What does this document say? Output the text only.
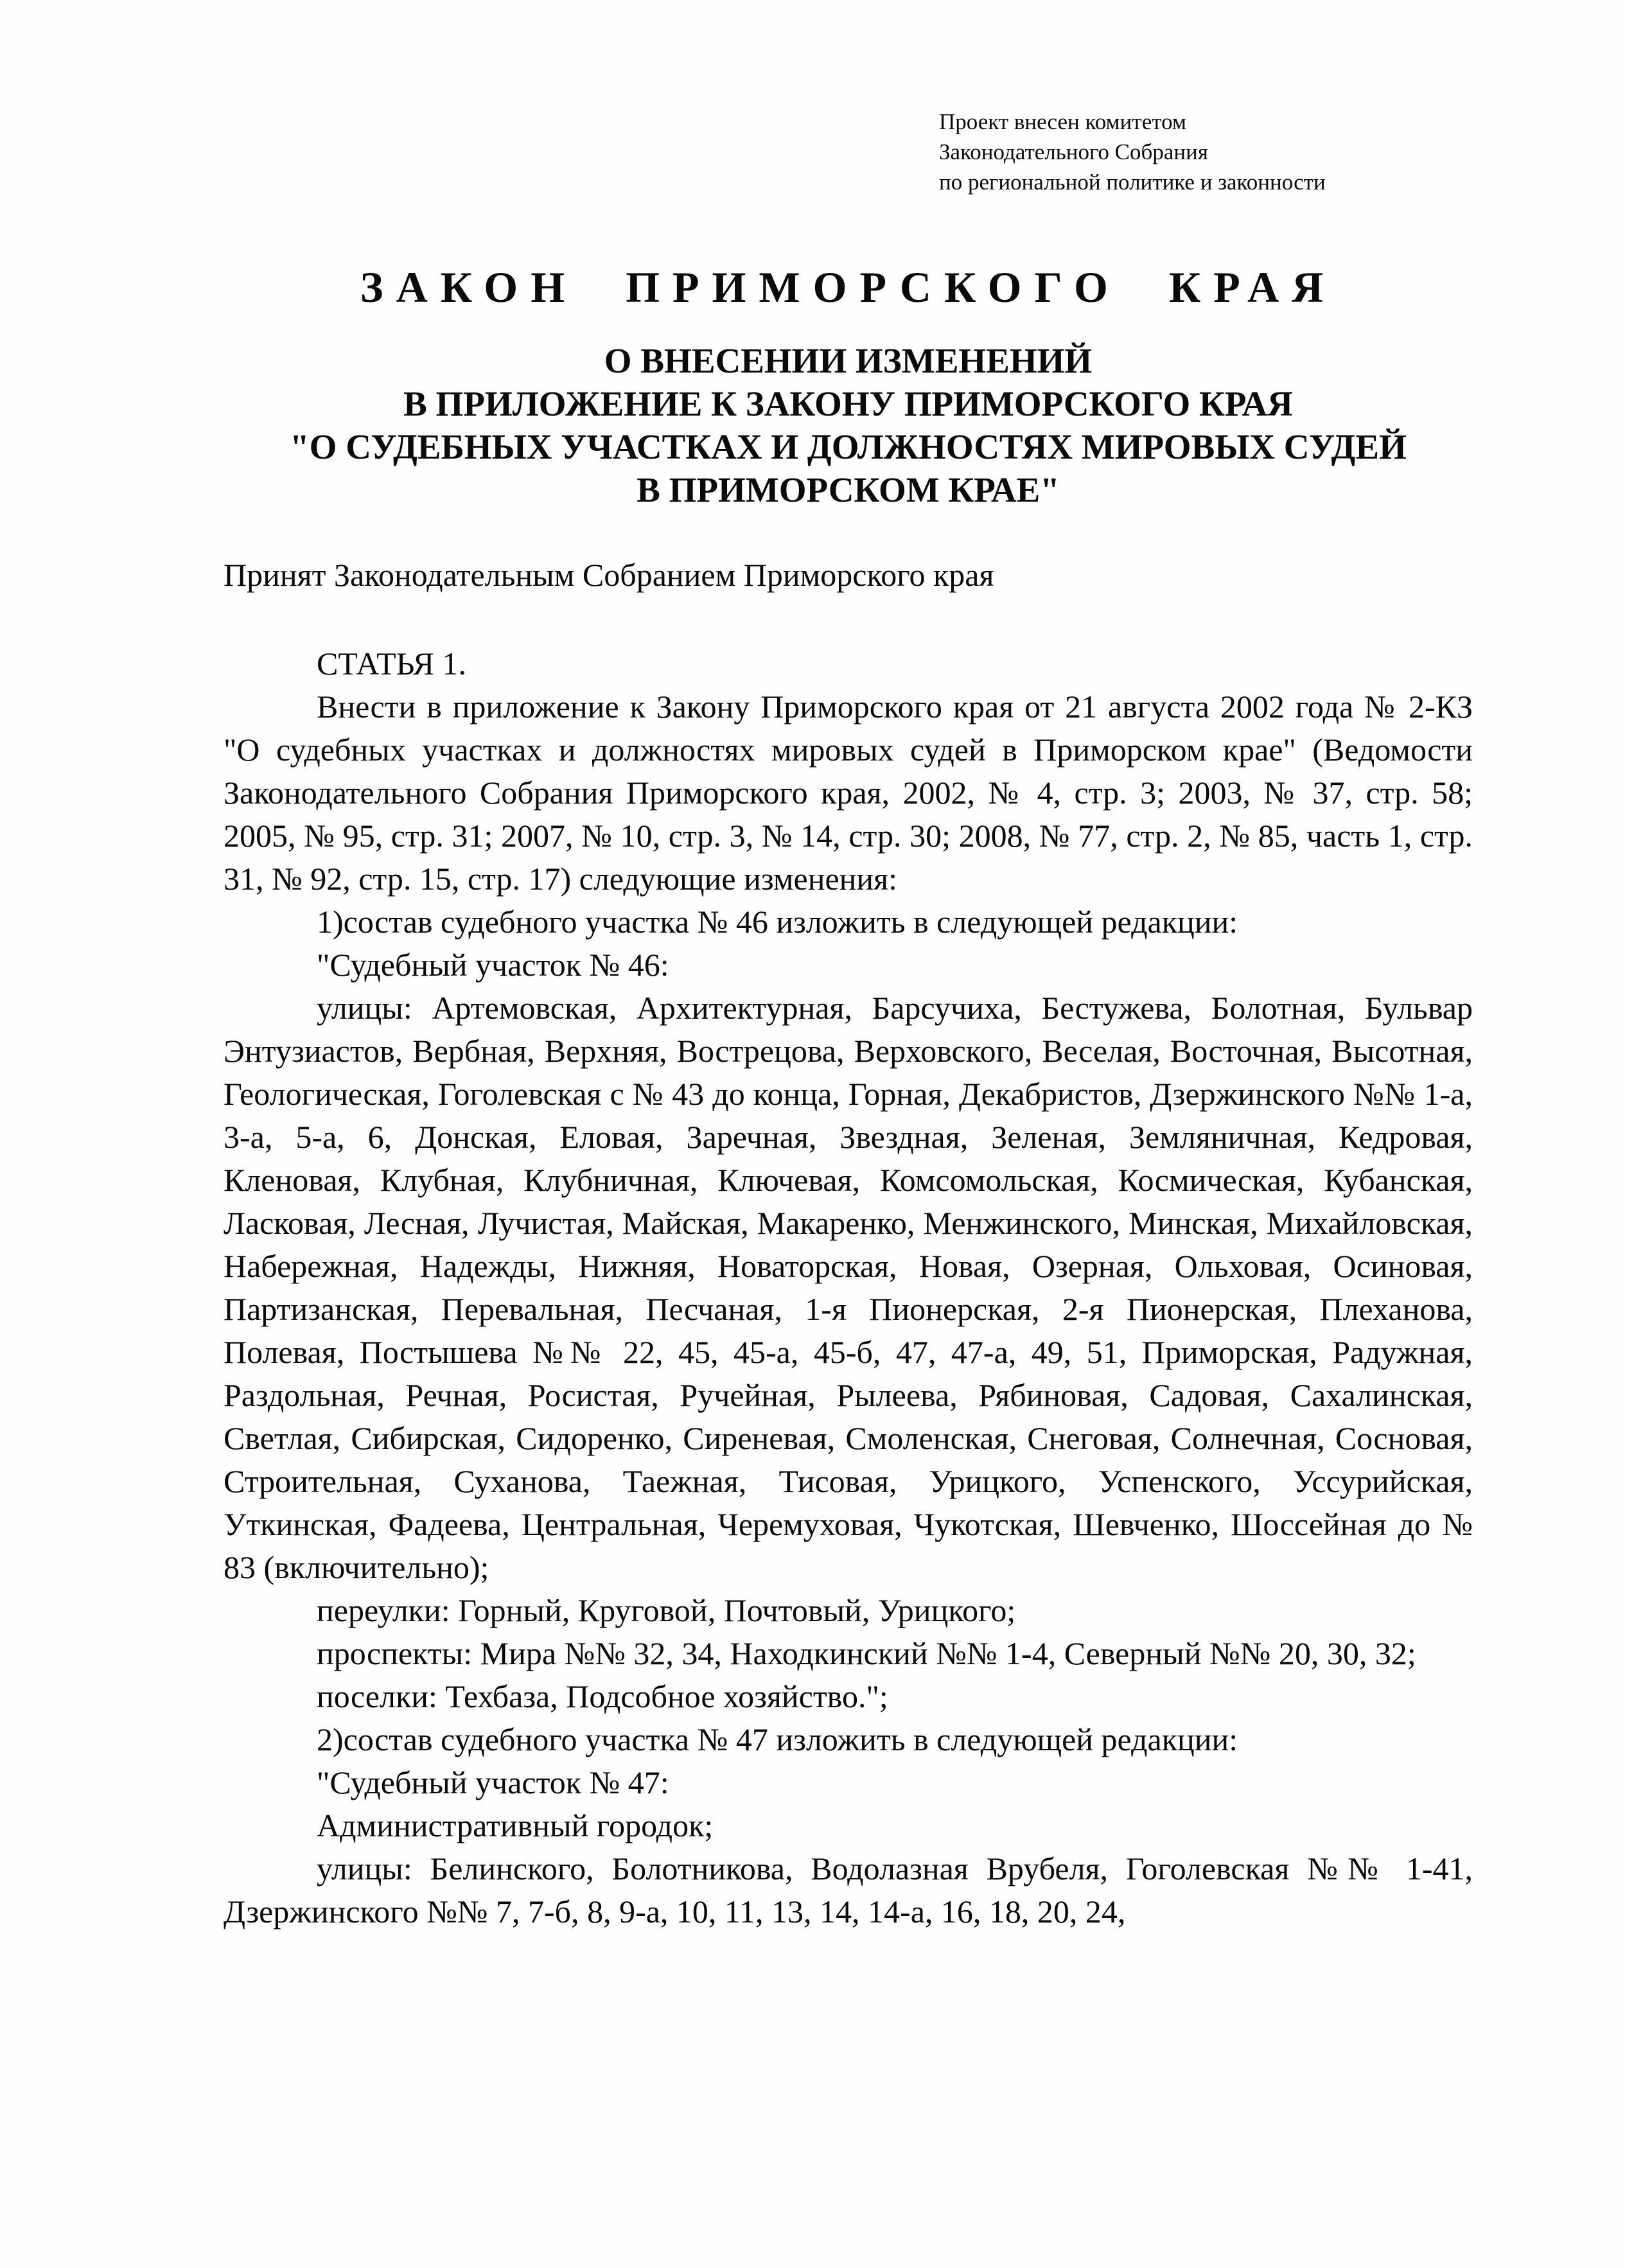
Проект внесен комитетом
Законодательного Собрания
по региональной политике и законности
ЗАКОН ПРИМОРСКОГО КРАЯ
О ВНЕСЕНИИ ИЗМЕНЕНИЙ
В ПРИЛОЖЕНИЕ К ЗАКОНУ ПРИМОРСКОГО КРАЯ
"О СУДЕБНЫХ УЧАСТКАХ И ДОЛЖНОСТЯХ МИРОВЫХ СУДЕЙ
В ПРИМОРСКОМ КРАЕ"
Принят Законодательным Собранием Приморского края

СТАТЬЯ 1.

Внести в приложение к Закону Приморского края от 21 августа 2002 года № 2-КЗ "О судебных участках и должностях мировых судей в Приморском крае" (Ведомости Законодательного Собрания Приморского края, 2002, № 4, стр. 3; 2003, № 37, стр. 58; 2005, № 95, стр. 31; 2007, № 10, стр. 3, № 14, стр. 30; 2008, № 77, стр. 2, № 85, часть 1, стр. 31, № 92, стр. 15, стр. 17) следующие изменения:

1)состав судебного участка № 46 изложить в следующей редакции:

"Судебный участок № 46:

улицы: Артемовская, Архитектурная, Барсучиха, Бестужева, Болотная, Бульвар Энтузиастов, Вербная, Верхняя, Вострецова, Верховского, Веселая, Восточная, Высотная, Геологическая, Гоголевская с № 43 до конца, Горная, Декабристов, Дзержинского №№ 1-а, 3-а, 5-а, 6, Донская, Еловая, Заречная, Звездная, Зеленая, Земляничная, Кедровая, Кленовая, Клубная, Клубничная, Ключевая, Комсомольская, Космическая, Кубанская, Ласковая, Лесная, Лучистая, Майская, Макаренко, Менжинского, Минская, Михайловская, Набережная, Надежды, Нижняя, Новаторская, Новая, Озерная, Ольховая, Осиновая, Партизанская, Перевальная, Песчаная, 1-я Пионерская, 2-я Пионерская, Плеханова, Полевая, Постышева №№ 22, 45, 45-а, 45-б, 47, 47-а, 49, 51, Приморская, Радужная, Раздольная, Речная, Росистая, Ручейная, Рылеева, Рябиновая, Садовая, Сахалинская, Светлая, Сибирская, Сидоренко, Сиреневая, Смоленская, Снеговая, Солнечная, Сосновая, Строительная, Суханова, Таежная, Тисовая, Урицкого, Успенского, Уссурийская, Уткинская, Фадеева, Центральная, Черемуховая, Чукотская, Шевченко, Шоссейная до № 83 (включительно);

переулки: Горный, Круговой, Почтовый, Урицкого;

проспекты: Мира №№ 32, 34, Находкинский №№ 1-4, Северный №№ 20, 30, 32;

поселки: Техбаза, Подсобное хозяйство.";

2)состав судебного участка № 47 изложить в следующей редакции:

"Судебный участок № 47:

Административный городок;

улицы: Белинского, Болотникова, Водолазная Врубеля, Гоголевская №№ 1-41, Дзержинского №№ 7, 7-б, 8, 9-а, 10, 11, 13, 14, 14-а, 16, 18, 20, 24,
